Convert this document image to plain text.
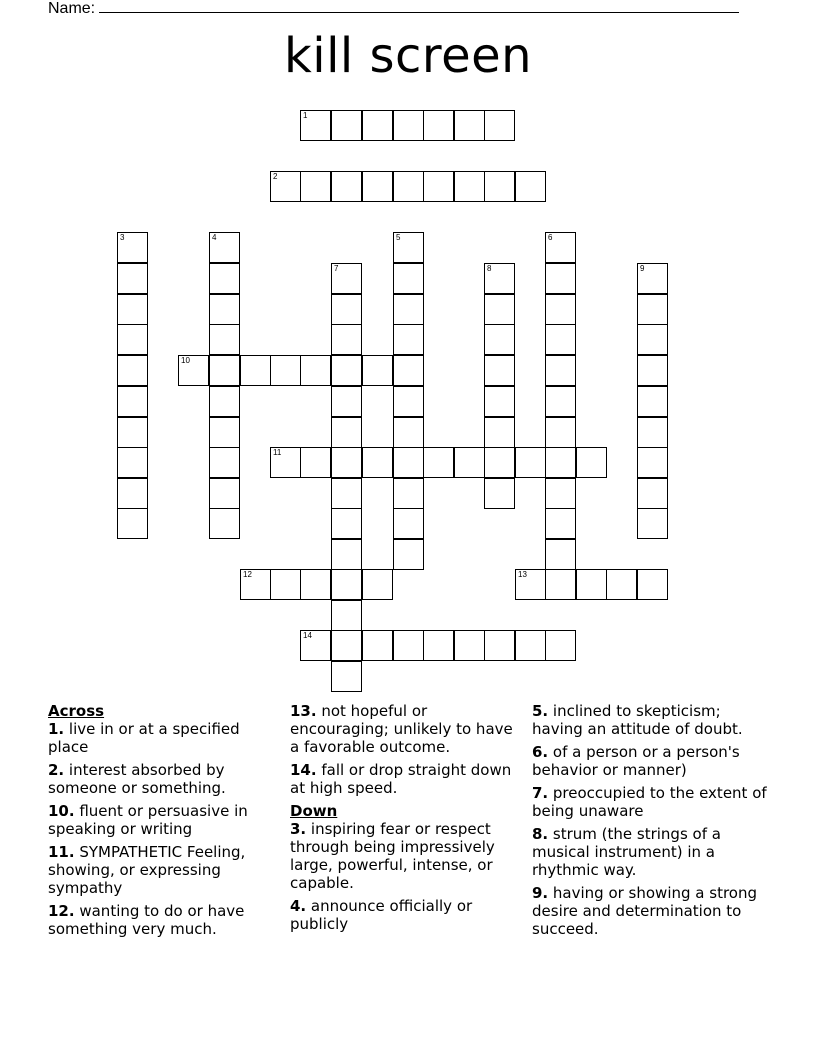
Name:
kill screen
1
2
3	4	5	6
7	8	9
10
11
12	13
14
Across

1. live in or at a specified place

2. interest absorbed by someone or something.

10. fluent or persuasive in speaking or writing

11. SYMPATHETIC Feeling, showing, or expressing sympathy

12. wanting to do or have something very much.

13. not hopeful or encouraging; unlikely to have a favorable outcome.

14. fall or drop straight down at high speed.

Down

3. inspiring fear or respect through being impressively large, powerful, intense, or capable.

4. announce officially or publicly

5. inclined to skepticism; having an attitude of doubt.

6. of a person or a person's behavior or manner)

7. preoccupied to the extent of being unaware

8. strum (the strings of a musical instrument) in a rhythmic way.

9. having or showing a strong desire and determination to succeed.
